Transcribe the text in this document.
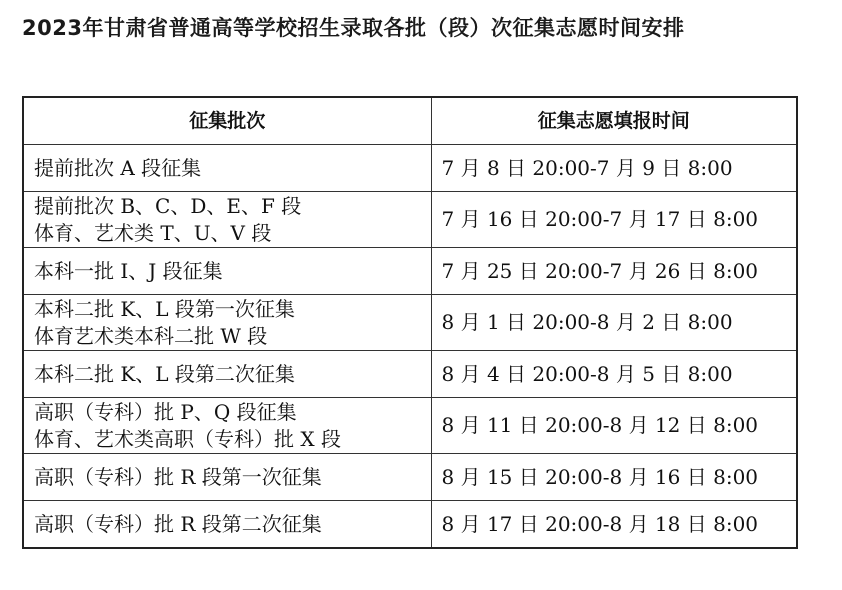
2023年甘肃省普通高等学校招生录取各批（段）次征集志愿时间安排
征集批次	征集志愿填报时间

提前批次 A 段征集	7 月 8 日 20:00-7 月 9 日 8:00

提前批次 B、C、D、E、F 段
体育、艺术类 T、U、V 段	7 月 16 日 20:00-7 月 17 日 8:00

本科一批 I、J 段征集	7 月 25 日 20:00-7 月 26 日 8:00

本科二批 K、L 段第一次征集
体育艺术类本科二批 W 段	8 月 1 日 20:00-8 月 2 日 8:00

本科二批 K、L 段第二次征集	8 月 4 日 20:00-8 月 5 日 8:00

高职（专科）批 P、Q 段征集
体育、艺术类高职（专科）批 X 段	8 月 11 日 20:00-8 月 12 日 8:00

高职（专科）批 R 段第一次征集	8 月 15 日 20:00-8 月 16 日 8:00

高职（专科）批 R 段第二次征集	8 月 17 日 20:00-8 月 18 日 8:00
